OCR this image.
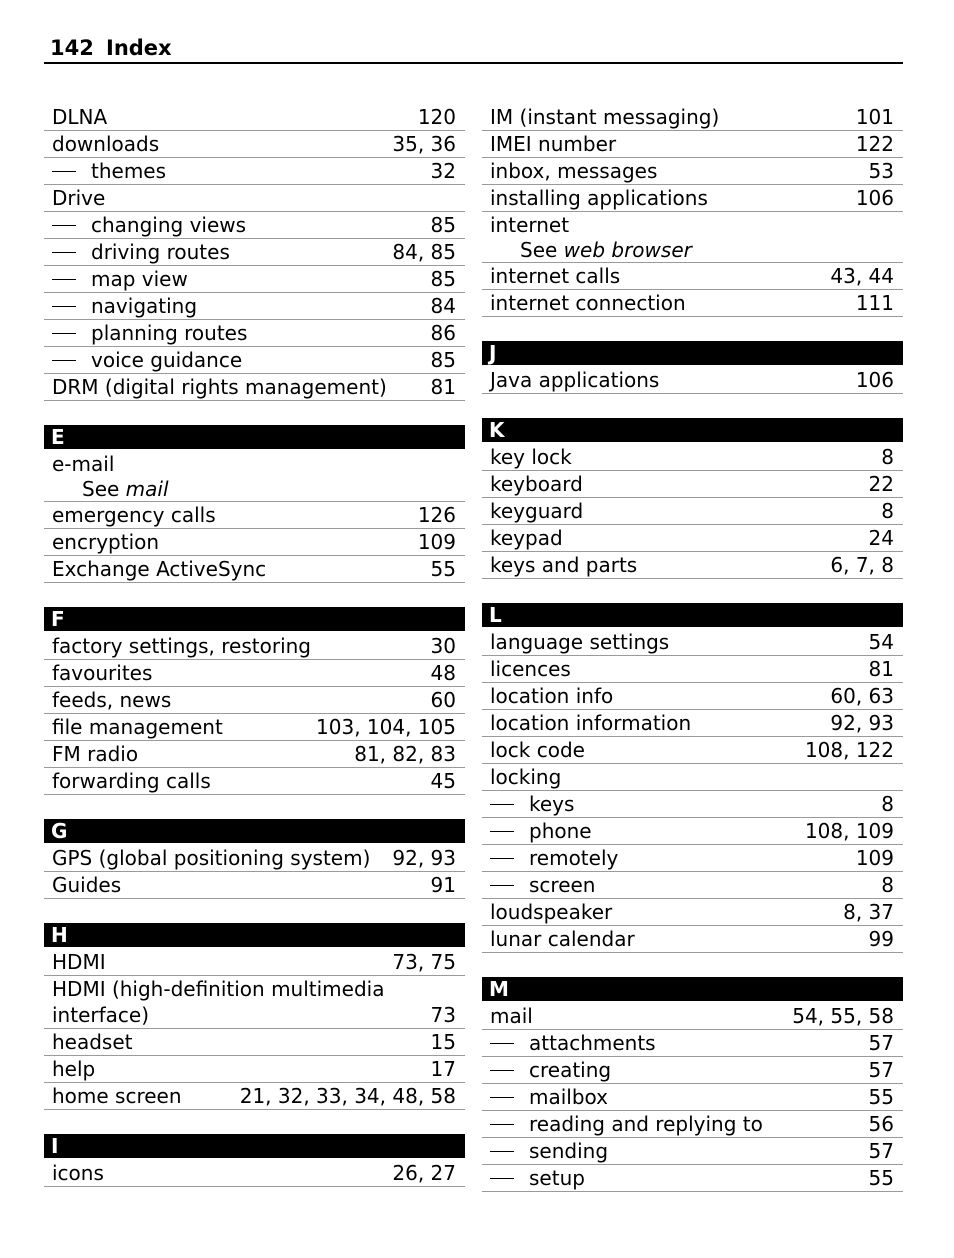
142 Index
DLNA	120
downloads	35, 36
themes	32
Drive
changing views	85
driving routes	84, 85
map view	85
navigating	84
planning routes	86
voice guidance	85
DRM (digital rights management) 81
E
e-mail
See mail
emergency calls	126
encryption	109
Exchange ActiveSync	55
F
factory settings, restoring	30
favourites	48
feeds, news	60
file management	103, 104, 105
FM radio	81, 82, 83
forwarding calls	45
G
GPS (global positioning system) 92, 93
Guides	91
H
HDMI	73, 75
HDMI (high-definition multimedia interface)	73
headset	15
help	17
home screen	21, 32, 33, 34, 48, 58
I
icons	26, 27
IM (instant messaging)	101
IMEI number	122
inbox, messages	53
installing applications	106
internet
See web browser
internet calls	43, 44
internet connection	111
J
Java applications	106
K
key lock	8
keyboard	22
keyguard	8
keypad	24
keys and parts	6, 7, 8
L
language settings	54
licences	81
location info	60, 63
location information	92, 93
lock code	108, 122
locking
keys	8
phone	108, 109
remotely	109
screen	8
loudspeaker	8, 37
lunar calendar	99
M
mail	54, 55, 58
attachments	57
creating	57
mailbox	55
reading and replying to	56
sending	57
setup	55
